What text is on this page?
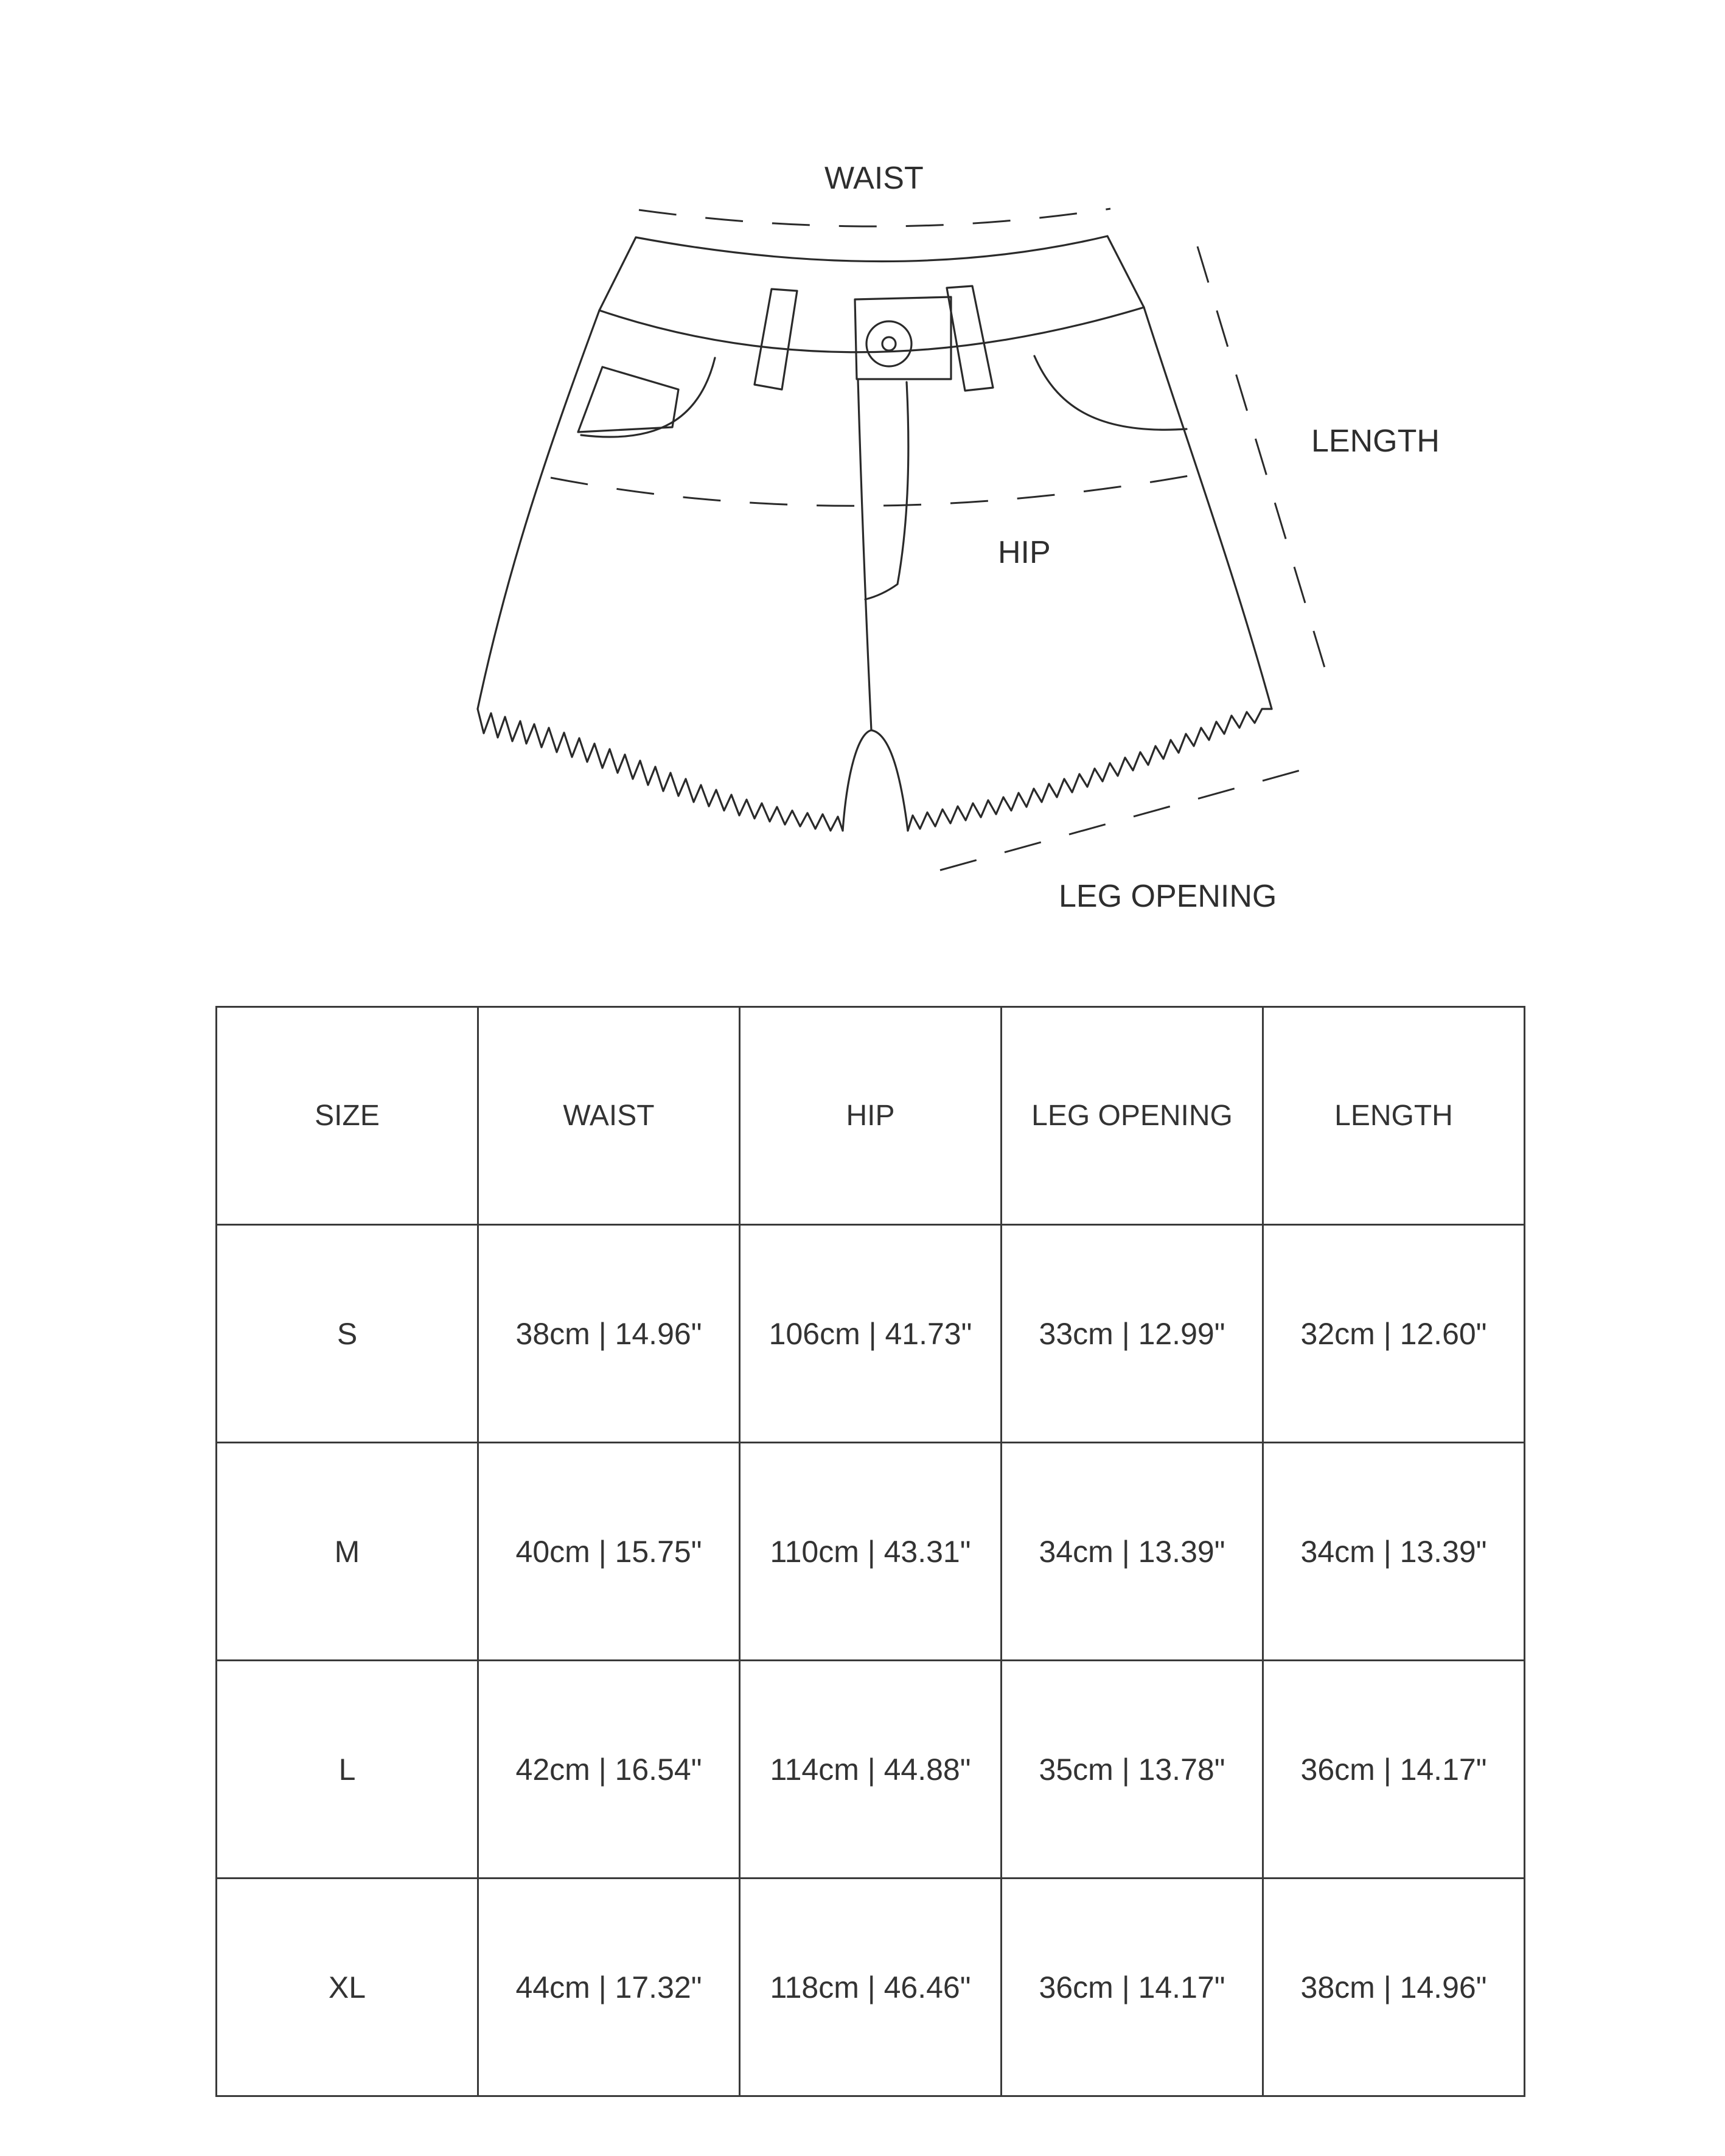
WAIST
LENGTH
HIP
LEG OPENING
SIZE	WAIST	HIP	LEG OPENING	LENGTH
S	38cm | 14.96"	106cm | 41.73"	33cm | 12.99"	32cm | 12.60"
M	40cm | 15.75"	110cm | 43.31"	34cm | 13.39"	34cm | 13.39"
L	42cm | 16.54"	114cm | 44.88"	35cm | 13.78"	36cm | 14.17"
XL	44cm | 17.32"	118cm | 46.46"	36cm | 14.17"	38cm | 14.96"
